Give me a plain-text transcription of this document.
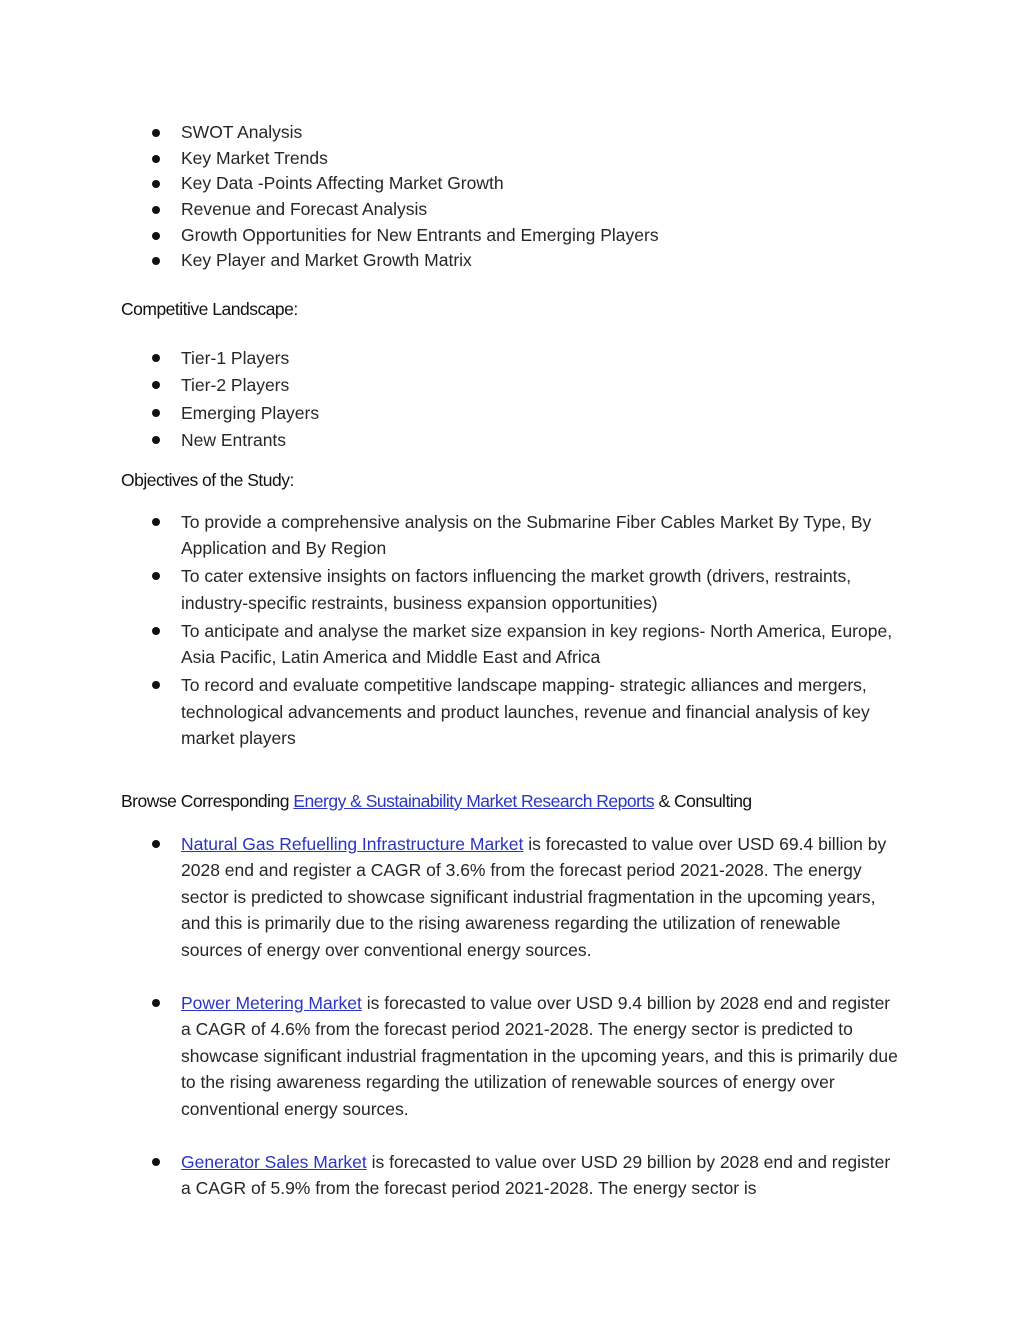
SWOT Analysis
Key Market Trends
Key Data -Points Affecting Market Growth
Revenue and Forecast Analysis
Growth Opportunities for New Entrants and Emerging Players
Key Player and Market Growth Matrix
Competitive Landscape:
Tier-1 Players
Tier-2 Players
Emerging Players
New Entrants
Objectives of the Study:
To provide a comprehensive analysis on the Submarine Fiber Cables Market By Type, By Application and By Region
To cater extensive insights on factors influencing the market growth (drivers, restraints, industry-specific restraints, business expansion opportunities)
To anticipate and analyse the market size expansion in key regions- North America, Europe, Asia Pacific, Latin America and Middle East and Africa
To record and evaluate competitive landscape mapping- strategic alliances and mergers, technological advancements and product launches, revenue and financial analysis of key market players
Browse Corresponding Energy & Sustainability Market Research Reports & Consulting
Natural Gas Refuelling Infrastructure Market is forecasted to value over USD 69.4 billion by 2028 end and register a CAGR of 3.6% from the forecast period 2021-2028. The energy sector is predicted to showcase significant industrial fragmentation in the upcoming years, and this is primarily due to the rising awareness regarding the utilization of renewable sources of energy over conventional energy sources.
Power Metering Market is forecasted to value over USD 9.4 billion by 2028 end and register a CAGR of 4.6% from the forecast period 2021-2028. The energy sector is predicted to showcase significant industrial fragmentation in the upcoming years, and this is primarily due to the rising awareness regarding the utilization of renewable sources of energy over conventional energy sources.
Generator Sales Market is forecasted to value over USD 29 billion by 2028 end and register a CAGR of 5.9% from the forecast period 2021-2028. The energy sector is
